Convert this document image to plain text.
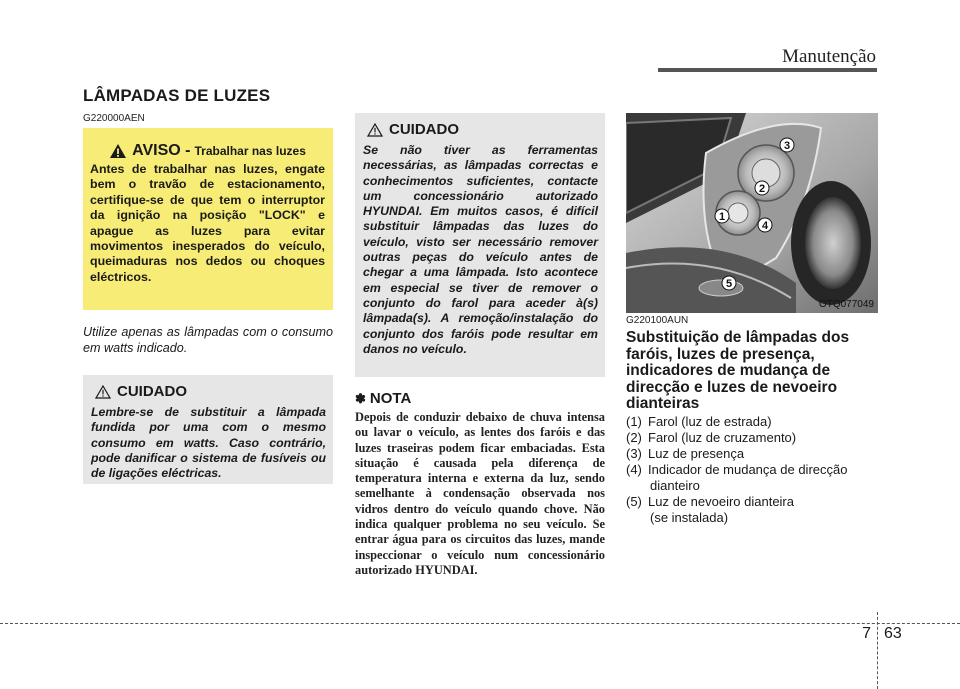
Manutenção
LÂMPADAS DE LUZES
G220000AEN
AVISO - Trabalhar nas luzes
Antes de trabalhar nas luzes, engate bem o travão de estacionamento, certifique-se de que tem o interruptor da ignição na posição "LOCK" e apague as luzes para evitar movimentos inesperados do veículo, queimaduras nos dedos ou choques eléctricos.
Utilize apenas as lâmpadas com o consumo em watts indicado.
CUIDADO
Lembre-se de substituir a lâmpada fundida por uma com o mesmo consumo em watts. Caso contrário, pode danificar o sistema de fusíveis ou de ligações eléctricas.
CUIDADO
Se não tiver as ferramentas necessárias, as lâmpadas correctas e conhecimentos suficientes, contacte um concessionário autorizado HYUNDAI. Em muitos casos, é difícil substituir lâmpadas das luzes do veículo, visto ser necessário remover outras peças do veículo antes de chegar a uma lâmpada. Isto acontece em especial se tiver de remover o conjunto do farol para aceder à(s) lâmpada(s). A remoção/instalação do conjunto dos faróis pode resultar em danos no veículo.
✽ NOTA
Depois de conduzir debaixo de chuva intensa ou lavar o veículo, as lentes dos faróis e das luzes traseiras podem ficar embaciadas. Esta situação é causada pela diferença de temperatura interna e externa da luz, sendo semelhante à condensação observada nos vidros dentro do veículo quando chove. Não indica qualquer problema no seu veículo. Se entrar água para os circuitos das luzes, mande inspeccionar o veículo num concessionário autorizado HYUNDAI.
1
2
3
4
5
OTQ077049
G220100AUN
Substituição de lâmpadas dos faróis, luzes de presença, indicadores de mudança de direcção e luzes de nevoeiro dianteiras
(1) Farol (luz de estrada)
(2) Farol (luz de cruzamento)
(3) Luz de presença
(4) Indicador de mudança de direcção
dianteiro
(5) Luz de nevoeiro dianteira
(se instalada)
7 63
